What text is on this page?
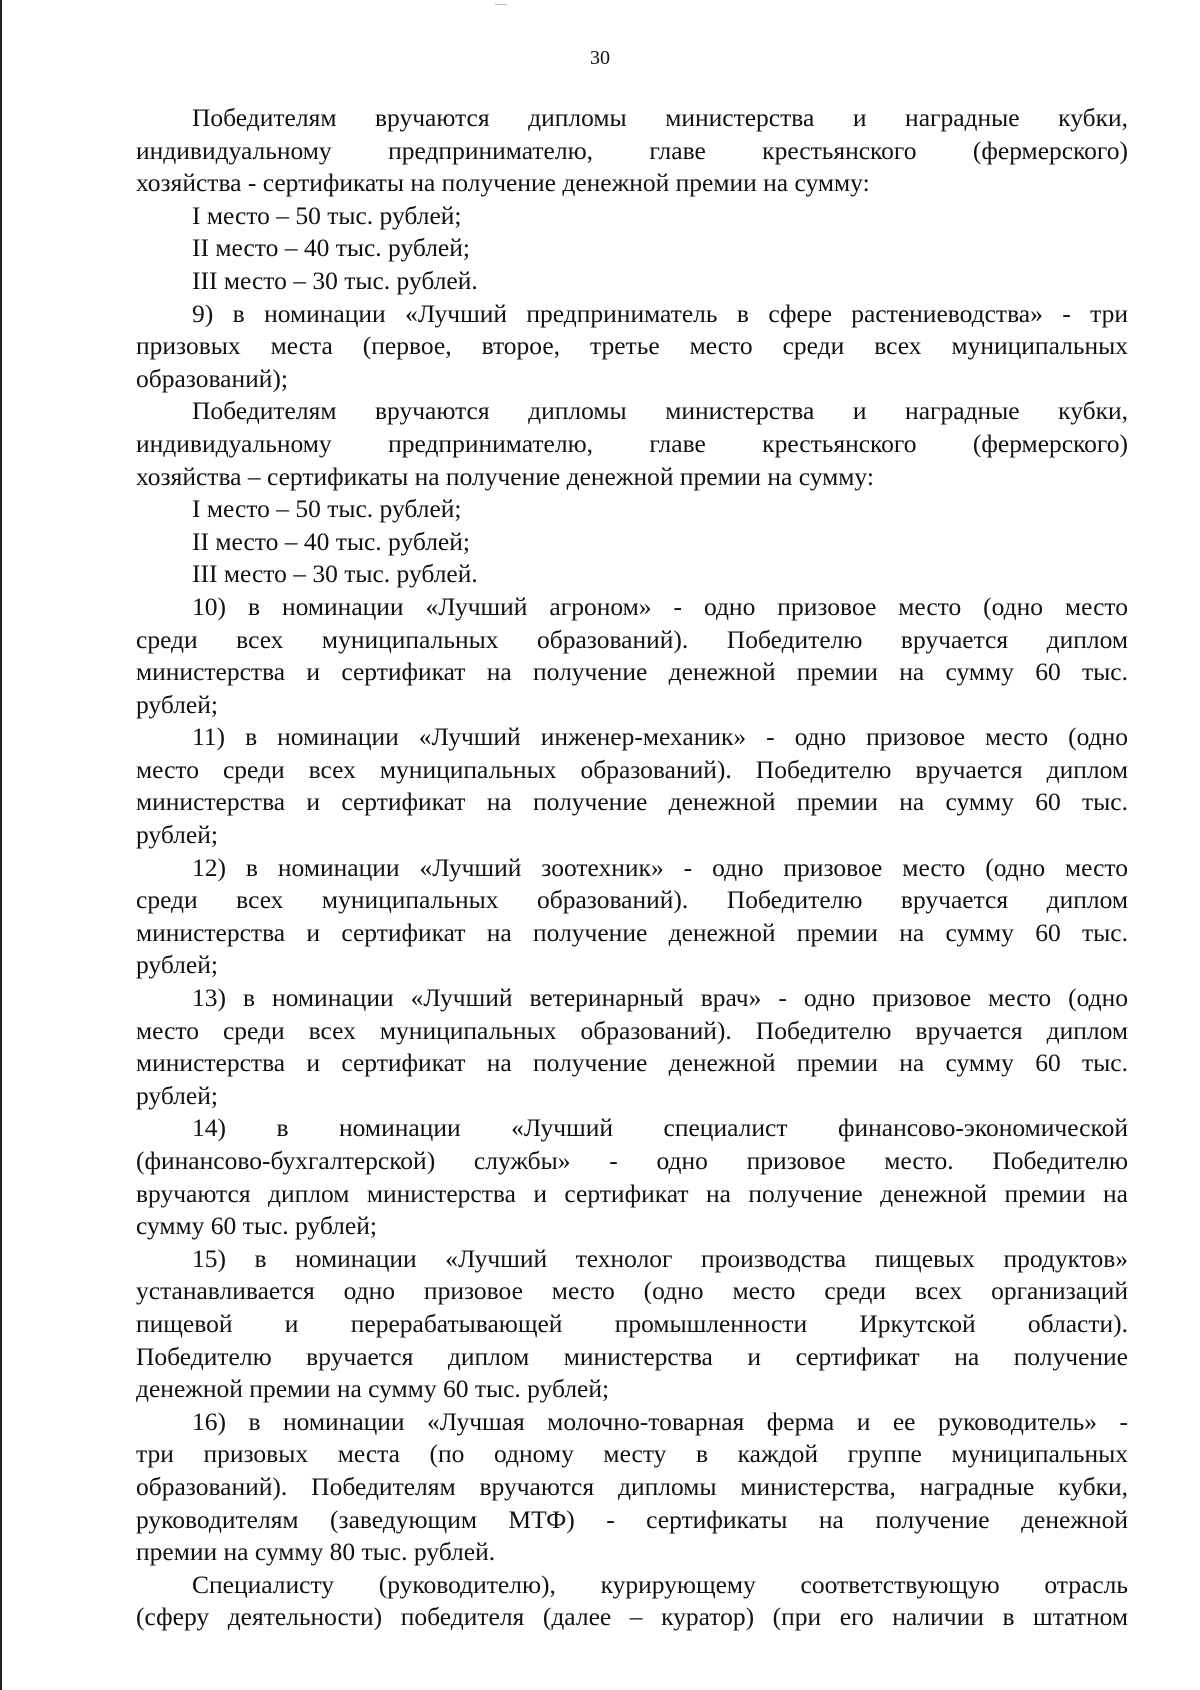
30
Победителям вручаются дипломы министерства и наградные кубки,
индивидуальному предпринимателю, главе крестьянского (фермерского)
хозяйства - сертификаты на получение денежной премии на сумму:
I место – 50 тыс. рублей;
II место – 40 тыс. рублей;
III место – 30 тыс. рублей.
9) в номинации «Лучший предприниматель в сфере растениеводства» - три
призовых места (первое, второе, третье место среди всех муниципальных
образований);
Победителям вручаются дипломы министерства и наградные кубки,
индивидуальному предпринимателю, главе крестьянского (фермерского)
хозяйства – сертификаты на получение денежной премии на сумму:
I место – 50 тыс. рублей;
II место – 40 тыс. рублей;
III место – 30 тыс. рублей.
10) в номинации «Лучший агроном» - одно призовое место (одно место
среди всех муниципальных образований). Победителю вручается диплом
министерства и сертификат на получение денежной премии на сумму 60 тыс.
рублей;
11) в номинации «Лучший инженер-механик» - одно призовое место (одно
место среди всех муниципальных образований). Победителю вручается диплом
министерства и сертификат на получение денежной премии на сумму 60 тыс.
рублей;
12) в номинации «Лучший зоотехник» - одно призовое место (одно место
среди всех муниципальных образований). Победителю вручается диплом
министерства и сертификат на получение денежной премии на сумму 60 тыс.
рублей;
13) в номинации «Лучший ветеринарный врач» - одно призовое место (одно
место среди всех муниципальных образований). Победителю вручается диплом
министерства и сертификат на получение денежной премии на сумму 60 тыс.
рублей;
14) в номинации «Лучший специалист финансово-экономической
(финансово-бухгалтерской) службы» - одно призовое место. Победителю
вручаются диплом министерства и сертификат на получение денежной премии на
сумму 60 тыс. рублей;
15) в номинации «Лучший технолог производства пищевых продуктов»
устанавливается одно призовое место (одно место среди всех организаций
пищевой и перерабатывающей промышленности Иркутской области).
Победителю вручается диплом министерства и сертификат на получение
денежной премии на сумму 60 тыс. рублей;
16) в номинации «Лучшая молочно-товарная ферма и ее руководитель» -
три призовых места (по одному месту в каждой группе муниципальных
образований). Победителям вручаются дипломы министерства, наградные кубки,
руководителям (заведующим МТФ) - сертификаты на получение денежной
премии на сумму 80 тыс. рублей.
Специалисту (руководителю), курирующему соответствующую отрасль
(сферу деятельности) победителя (далее – куратор) (при его наличии в штатном
